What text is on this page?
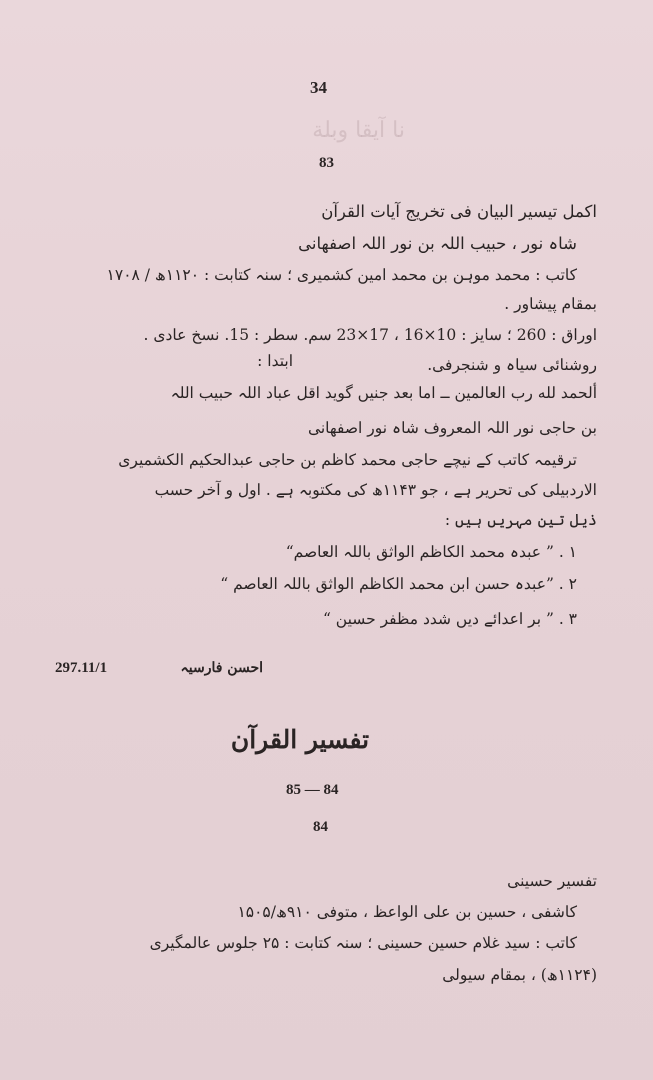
34
نا آیقا وبلة
83
اکمل تیسیر البیان فی تخریج آیات القرآن
شاہ نور ، حبیب اللہ بن نور اللہ اصفهانی
کاتب : محمد موہن بن محمد امین کشمیری ؛ سنہ کتابت : ۱۱۲۰ھ / ۱۷۰۸
بمقام پیشاور .
اوراق : 260 ؛ سایز : 10×16 ، 17×23 سم. سطر : 15. نسخ عادی .
روشنائی سیاہ و شنجرفی.
ابتدا :
ألحمد لله رب العالمین ــ اما بعد جنیں گوید اقل عباد اللہ حبیب اللہ
بن حاجی نور اللہ المعروف شاہ نور اصفهانی
ترقیمہ کاتب کے نیچے حاجی محمد کاظم بن حاجی عبدالحکیم الکشمیری
الاردبیلی کی تحریر ہے ، جو ۱۱۴۳ھ کی مکتوبہ ہے . اول و آخر حسب
ذیل تین مہریں ہیں :
۱ . ” عبدہ محمد الکاظم الواثق باللہ العاصم“
۲ . ”عبدہ حسن ابن محمد الکاظم الواثق باللہ العاصم “
۳ . ” بر اعدائے دیں شدد مظفر حسین “
297.11/1	احسن فارسیہ
تفسیر القرآن
85 — 84
84
تفسیر حسینی
کاشفی ، حسین بن علی الواعظ ، متوفی ۹۱۰ھ/۱۵۰۵
کاتب : سید غلام حسین حسینی ؛ سنہ کتابت : ۲۵ جلوس عالمگیری
(۱۱۲۴ھ) ، بمقام سیولی
